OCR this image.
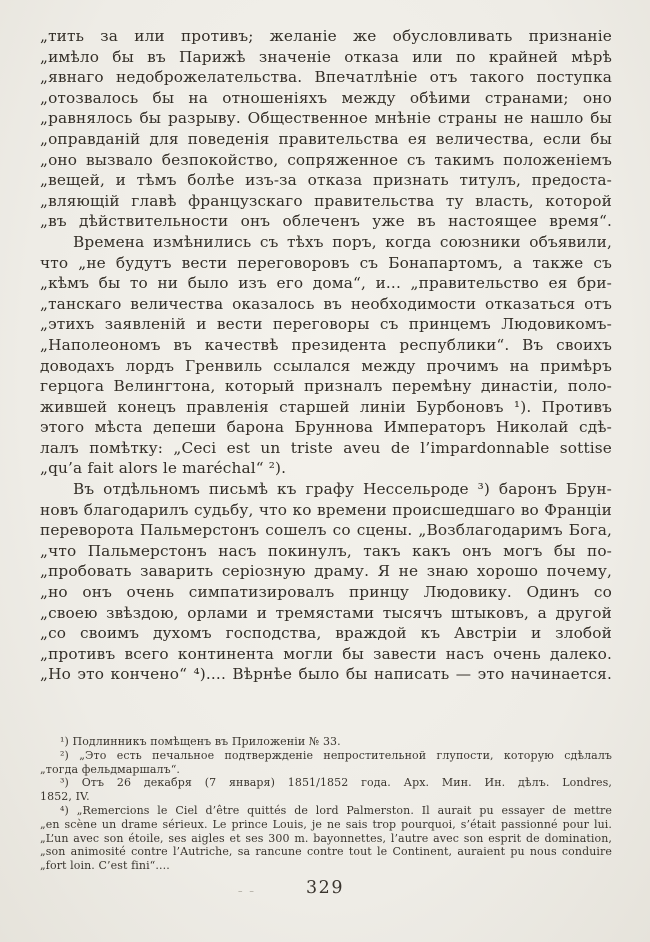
„тить за или противъ; желаніе же обусловливать признаніе
„имѣло бы въ Парижѣ значеніе отказа или по крайней мѣрѣ
„явнаго недоброжелательства. Впечатлѣніе отъ такого поступка
„отозвалось бы на отношеніяхъ между обѣими странами; оно
„равнялось бы разрыву. Общественное мнѣніе страны не нашло бы
„оправданій для поведенія правительства ея величества, если бы
„оно вызвало безпокойство, сопряженное съ такимъ положеніемъ
„вещей, и тѣмъ болѣе изъ-за отказа признать титулъ, предоста-
„вляющій главѣ французскаго правительства ту власть, которой
„въ дѣйствительности онъ облеченъ уже въ настоящее время“.
Времена измѣнились съ тѣхъ поръ, когда союзники объявили,
что „не будутъ вести переговоровъ съ Бонапартомъ, а также съ
„кѣмъ бы то ни было изъ его дома“, и... „правительство ея бри-
„танскаго величества оказалось въ необходимости отказаться отъ
„этихъ заявленій и вести переговоры съ принцемъ Людовикомъ-
„Наполеономъ въ качествѣ президента республики“. Въ своихъ
доводахъ лордъ Гренвиль ссылался между прочимъ на примѣръ
герцога Велингтона, который призналъ перемѣну династіи, поло-
жившей конецъ правленія старшей линіи Бурбоновъ ¹). Противъ
этого мѣста депеши барона Бруннова Императоръ Николай сдѣ-
лалъ помѣтку: „Ceci est un triste aveu de l’impardonnable sottise
„qu’a fait alors le maréchal“ ²).
Въ отдѣльномъ письмѣ къ графу Нессельроде ³) баронъ Брун-
новъ благодарилъ судьбу, что ко времени происшедшаго во Франціи
переворота Пальмерстонъ сошелъ со сцены. „Возблагодаримъ Бога,
„что Пальмерстонъ насъ покинулъ, такъ какъ онъ могъ бы по-
„пробовать заварить серіозную драму. Я не знаю хорошо почему,
„но онъ очень симпатизировалъ принцу Людовику. Одинъ со
„своею звѣздою, орлами и тремястами тысячъ штыковъ, а другой
„со своимъ духомъ господства, враждой къ Австріи и злобой
„противъ всего континента могли бы завести насъ очень далеко.
„Но это кончено“ ⁴).... Вѣрнѣе было бы написать — это начинается.
¹) Подлинникъ помѣщенъ въ Приложеніи № 33.
²) „Это есть печальное подтвержденіе непростительной глупости, которую сдѣлалъ
„тогда фельдмаршалъ“.
³) Отъ 26 декабря (7 января) 1851/1852 года. Арх. Мин. Ин. дѣлъ. Londres,
1852, IV.
⁴) „Remercions le Ciel d’être quittés de lord Palmerston. Il aurait pu essayer de mettre
„en scène un drame sérieux. Le prince Louis, je ne sais trop pourquoi, s’était passionné pour lui.
„L’un avec son étoile, ses aigles et ses 300 m. bayonnettes, l’autre avec son esprit de domination,
„son animosité contre l’Autriche, sa rancune contre tout le Continent, auraient pu nous conduire
„fort loin. C’est fini“....
– –	329
